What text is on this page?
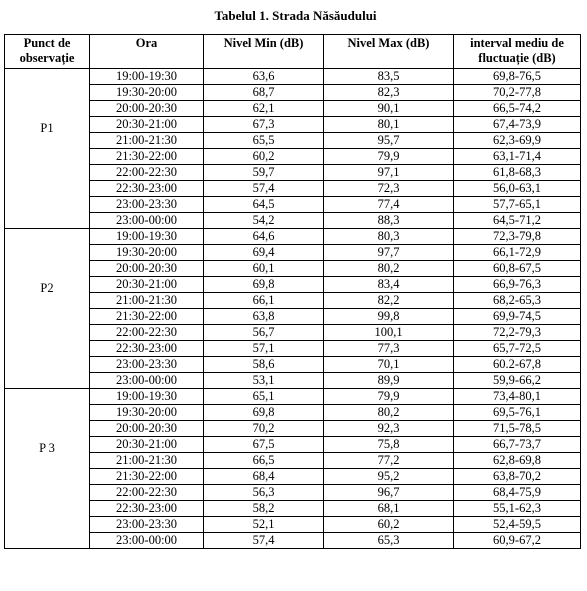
Tabelul 1. Strada Năsăudului
Punct de observație	Ora	Nivel Min (dB)	Nivel Max (dB)	interval mediu de fluctuație (dB)
P1	19:00-19:30	63,6	83,5	69,8-76,5
	19:30-20:00	68,7	82,3	70,2-77,8
	20:00-20:30	62,1	90,1	66,5-74,2
	20:30-21:00	67,3	80,1	67,4-73,9
	21:00-21:30	65,5	95,7	62,3-69,9
	21:30-22:00	60,2	79,9	63,1-71,4
	22:00-22:30	59,7	97,1	61,8-68,3
	22:30-23:00	57,4	72,3	56,0-63,1
	23:00-23:30	64,5	77,4	57,7-65,1
	23:00-00:00	54,2	88,3	64,5-71,2
P2	19:00-19:30	64,6	80,3	72,3-79,8
	19:30-20:00	69,4	97,7	66,1-72,9
	20:00-20:30	60,1	80,2	60,8-67,5
	20:30-21:00	69,8	83,4	66,9-76,3
	21:00-21:30	66,1	82,2	68,2-65,3
	21:30-22:00	63,8	99,8	69,9-74,5
	22:00-22:30	56,7	100,1	72,2-79,3
	22:30-23:00	57,1	77,3	65,7-72,5
	23:00-23:30	58,6	70,1	60.2-67,8
	23:00-00:00	53,1	89,9	59,9-66,2
P 3	19:00-19:30	65,1	79,9	73,4-80,1
	19:30-20:00	69,8	80,2	69,5-76,1
	20:00-20:30	70,2	92,3	71,5-78,5
	20:30-21:00	67,5	75,8	66,7-73,7
	21:00-21:30	66,5	77,2	62,8-69,8
	21:30-22:00	68,4	95,2	63,8-70,2
	22:00-22:30	56,3	96,7	68,4-75,9
	22:30-23:00	58,2	68,1	55,1-62,3
	23:00-23:30	52,1	60,2	52,4-59,5
	23:00-00:00	57,4	65,3	60,9-67,2
